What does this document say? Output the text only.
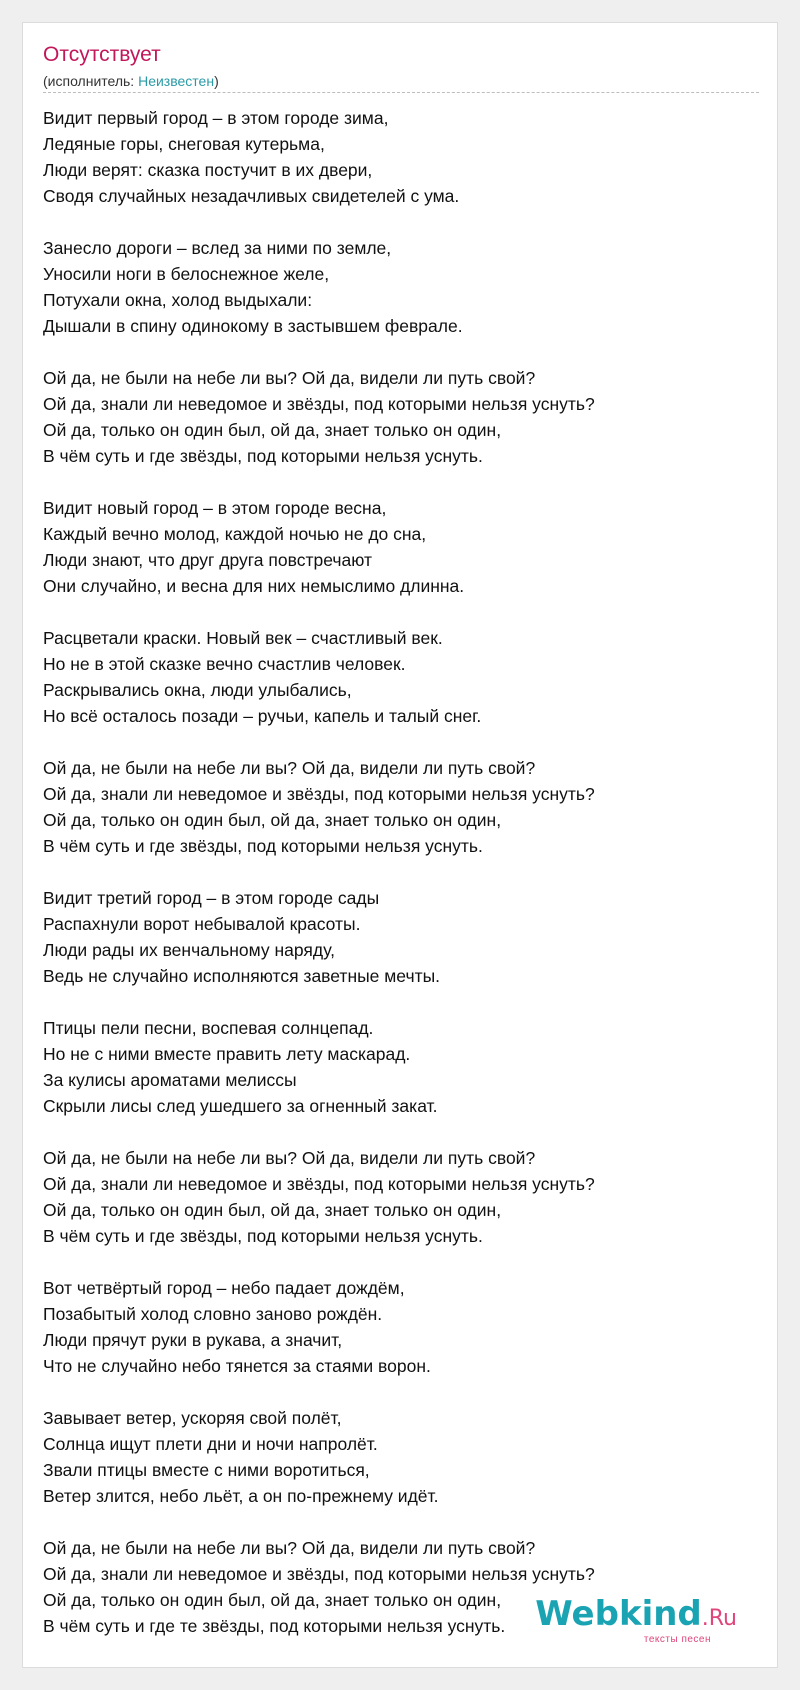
Отсутствует
(исполнитель: Неизвестен)
Видит первый город – в этом городе зима,
Ледяные горы, снеговая кутерьма,
Люди верят: сказка постучит в их двери,
Сводя случайных незадачливых свидетелей с ума.
Занесло дороги – вслед за ними по земле,
Уносили ноги в белоснежное желе,
Потухали окна, холод выдыхали:
Дышали в спину одинокому в застывшем феврале.
Ой да, не были на небе ли вы? Ой да, видели ли путь свой?
Ой да, знали ли неведомое и звёзды, под которыми нельзя уснуть?
Ой да, только он один был, ой да, знает только он один,
В чём суть и где звёзды, под которыми нельзя уснуть.
Видит новый город – в этом городе весна,
Каждый вечно молод, каждой ночью не до сна,
Люди знают, что друг друга повстречают
Они случайно, и весна для них немыслимо длинна.
Расцветали краски. Новый век – счастливый век.
Но не в этой сказке вечно счастлив человек.
Раскрывались окна, люди улыбались,
Но всё осталось позади – ручьи, капель и талый снег.
Ой да, не были на небе ли вы? Ой да, видели ли путь свой?
Ой да, знали ли неведомое и звёзды, под которыми нельзя уснуть?
Ой да, только он один был, ой да, знает только он один,
В чём суть и где звёзды, под которыми нельзя уснуть.
Видит третий город – в этом городе сады
Распахнули ворот небывалой красоты.
Люди рады их венчальному наряду,
Ведь не случайно исполняются заветные мечты.
Птицы пели песни, воспевая солнцепад.
Но не с ними вместе править лету маскарад.
За кулисы ароматами мелиссы
Скрыли лисы след ушедшего за огненный закат.
Ой да, не были на небе ли вы? Ой да, видели ли путь свой?
Ой да, знали ли неведомое и звёзды, под которыми нельзя уснуть?
Ой да, только он один был, ой да, знает только он один,
В чём суть и где звёзды, под которыми нельзя уснуть.
Вот четвёртый город – небо падает дождём,
Позабытый холод словно заново рождён.
Люди прячут руки в рукава, а значит,
Что не случайно небо тянется за стаями ворон.
Завывает ветер, ускоряя свой полёт,
Солнца ищут плети дни и ночи напролёт.
Звали птицы вместе с ними воротиться,
Ветер злится, небо льёт, а он по-прежнему идёт.
Ой да, не были на небе ли вы? Ой да, видели ли путь свой?
Ой да, знали ли неведомое и звёзды, под которыми нельзя уснуть?
Ой да, только он один был, ой да, знает только он один,
В чём суть и где те звёзды, под которыми нельзя уснуть. Webkind.Ru
тексты песен
